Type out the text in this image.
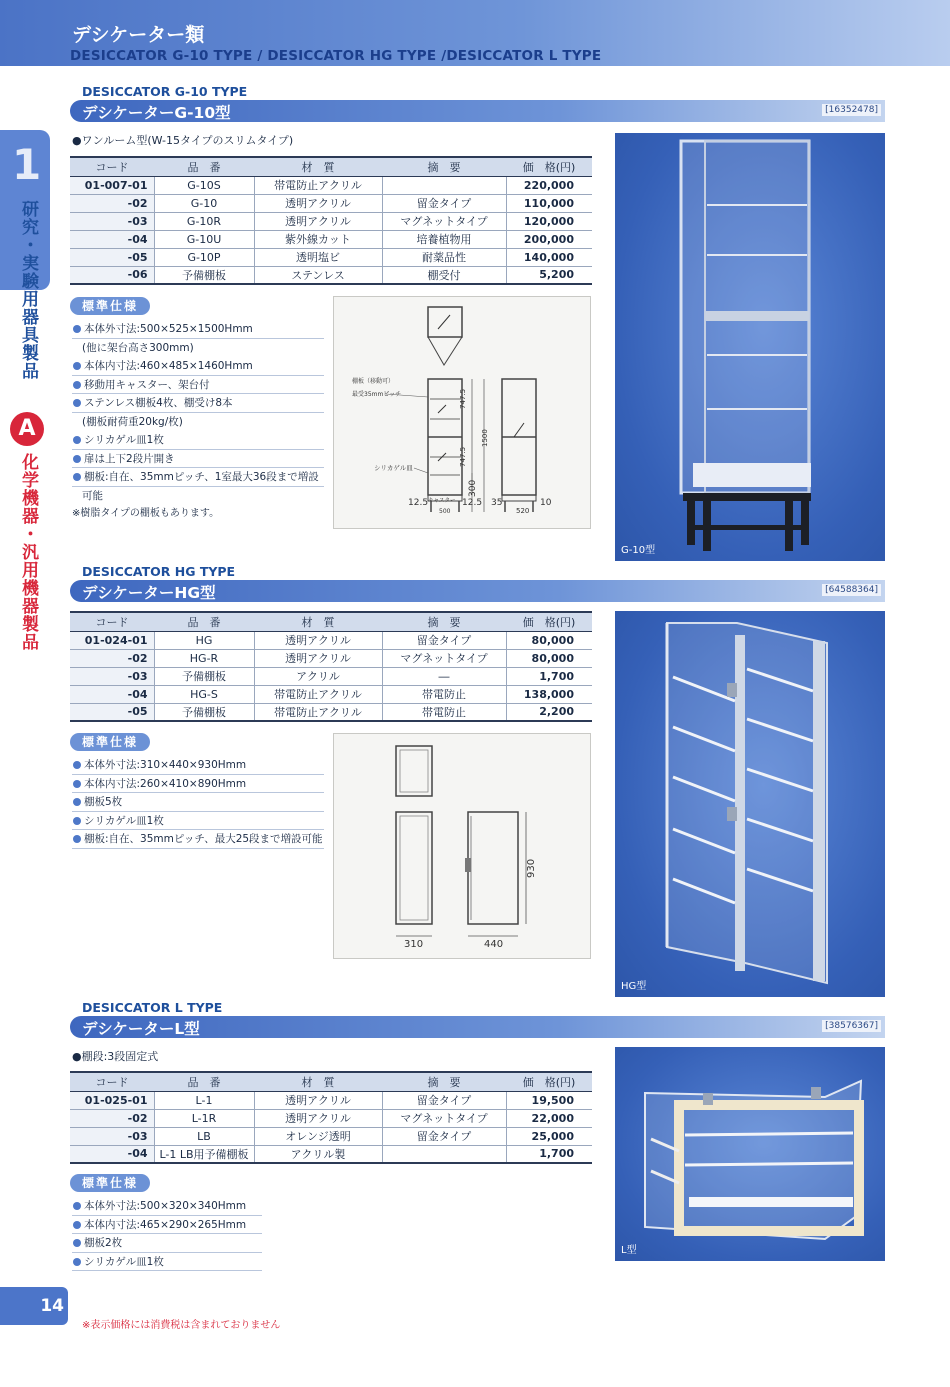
デシケーター類
DESICCATOR G-10 TYPE / DESICCATOR HG TYPE /DESICCATOR L TYPE
1
研究・実験用器具製品
A
化学機器・汎用機器製品
DESICCATOR G-10 TYPE
デシケーターG-10型	[16352478]
●ワンルーム型(W-15タイプのスリムタイプ)
コード	品　番	材　質	摘　要	価　格(円)
01-007-01	G-10S	帯電防止アクリル		220,000
-02	G-10	透明アクリル	留金タイプ	110,000
-03	G-10R	透明アクリル	マグネットタイプ	120,000
-04	G-10U	紫外線カット	培養植物用	200,000
-05	G-10P	透明塩ビ	耐薬品性	140,000
-06	予備棚板	ステンレス	棚受付	5,200
標準仕様
本体外寸法:500×525×1500Hmm
(他に架台高さ300mm)
本体内寸法:460×485×1460Hmm
移動用キャスター、架台付
ステンレス棚板4枚、棚受け8本
(棚板耐荷重20kg/枚)
シリカゲル皿1枚
扉は上下2段片開き
棚板:自在、35mmピッチ、1室最大36段まで増設
可能
※樹脂タイプの棚板もあります。
747.5
747.5
1500
300
棚板（移動可）
最受35mmピッチ
シリカゲル皿
12.5 キャスター 12.5 35	10
500	520
G-10型
DESICCATOR HG TYPE
デシケーターHG型	[64588364]
コード	品　番	材　質	摘　要	価　格(円)
01-024-01	HG	透明アクリル	留金タイプ	80,000
-02	HG-R	透明アクリル	マグネットタイプ	80,000
-03	予備棚板	アクリル	―	1,700
-04	HG-S	帯電防止アクリル	帯電防止	138,000
-05	予備棚板	帯電防止アクリル	帯電防止	2,200
標準仕様
本体外寸法:310×440×930Hmm
本体内寸法:260×410×890Hmm
棚板5枚
シリカゲル皿1枚
棚板:自在、35mmピッチ、最大25段まで増設可能
310	440
930
HG型
DESICCATOR L TYPE
デシケーターL型	[38576367]
●棚段:3段固定式
コード	品　番	材　質	摘　要	価　格(円)
01-025-01	L-1	透明アクリル	留金タイプ	19,500
-02	L-1R	透明アクリル	マグネットタイプ	22,000
-03	LB	オレンジ透明	留金タイプ	25,000
-04	L-1 LB用予備棚板	アクリル製		1,700
標準仕様
本体外寸法:500×320×340Hmm
本体内寸法:465×290×265Hmm
棚板2枚
シリカゲル皿1枚
L型
14
※表示価格には消費税は含まれておりません
